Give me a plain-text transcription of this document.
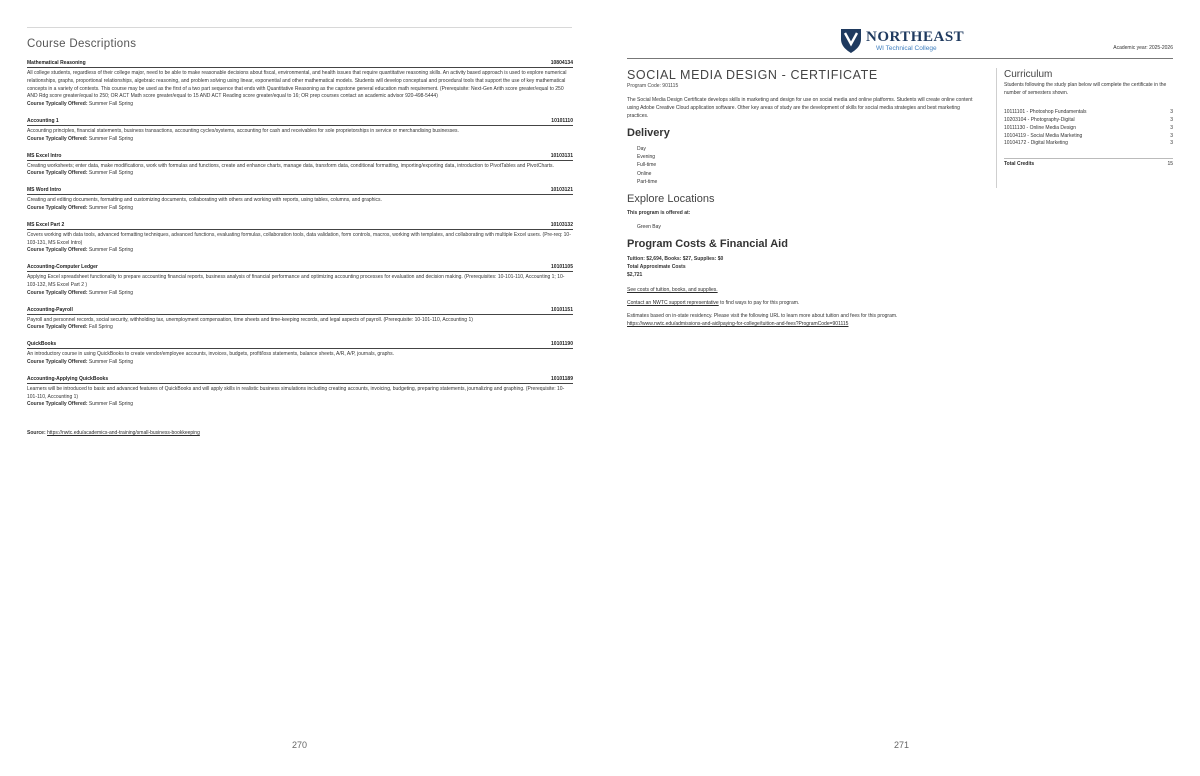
Course Descriptions
Mathematical Reasoning	10804134
All college students, regardless of their college major, need to be able to make reasonable decisions about fiscal, environmental, and health issues that require quantitative reasoning skills. An activity based approach is used to explore numerical relationships, graphs, proportional relationships, algebraic reasoning, and problem solving using linear, exponential and other mathematical models. Students will develop conceptual and procedural tools that support the use of key mathematical concepts in a variety of contexts. This course may be used as the first of a two part sequence that ends with Quantitative Reasoning as the capstone general education math requirement. (Prerequisite: Next-Gen Arith score greater/equal to 250 AND Rdg score greater/equal to 250; OR ACT Math score greater/equal to 15 AND ACT Reading score greater/equal to 16; OR prep courses contact an academic advisor 920-498-5444)
Course Typically Offered: Summer Fall Spring
Accounting 1	10101110
Accounting principles, financial statements, business transactions, accounting cycles/systems, accounting for cash and receivables for sole proprietorships in service or merchandising businesses.
Course Typically Offered: Summer Fall Spring
MS Excel Intro	10103131
Creating worksheets; enter data, make modifications, work with formulas and functions, create and enhance charts, manage data, transform data, conditional formatting, importing/exporting data, introduction to PivotTables and PivotCharts.
Course Typically Offered: Summer Fall Spring
MS Word Intro	10103121
Creating and editing documents, formatting and customizing documents, collaborating with others and working with reports, using tables, columns, and graphics.
Course Typically Offered: Summer Fall Spring
MS Excel Part 2	10103132
Covers working with data tools, advanced formatting techniques, advanced functions, evaluating formulas, collaboration tools, data validation, form controls, macros, working with templates, and collaborating with multiple Excel users. (Pre-req: 10-103-131, MS Excel Intro)
Course Typically Offered: Summer Fall Spring
Accounting-Computer Ledger	10101105
Applying Excel spreadsheet functionality to prepare accounting financial reports, business analysis of financial performance and optimizing accounting processes for evaluation and decision making. (Prerequisites: 10-101-110, Accounting 1; 10-103-132, MS Excel Part 2 )
Course Typically Offered: Summer Fall Spring
Accounting-Payroll	10101151
Payroll and personnel records, social security, withholding tax, unemployment compensation, time sheets and time-keeping records, and legal aspects of payroll. (Prerequisite: 10-101-110, Accounting 1)
Course Typically Offered: Fall Spring
QuickBooks	10101190
An introductory course in using QuickBooks to create vendor/employee accounts, invoices, budgets, profit/loss statements, balance sheets, A/R, A/P, journals, graphs.
Course Typically Offered: Summer Fall Spring
Accounting-Applying QuickBooks	10101189
Learners will be introduced to basic and advanced features of QuickBooks and will apply skills in realistic business simulations including creating accounts, invoicing, budgeting, preparing statements, journalizing and graphing. (Prerequisite: 10-101-110, Accounting 1)
Course Typically Offered: Summer Fall Spring
Source: https://nwtc.edu/academics-and-training/small-business-bookkeeping
270
NORTHEAST
WI Technical College	Academic year: 2025-2026
SOCIAL MEDIA DESIGN - CERTIFICATE
Program Code: 901115
The Social Media Design Certificate develops skills in marketing and design for use on social media and online platforms. Students will create online content using Adobe Creative Cloud application software. Other key areas of study are the development of skills for social media strategies and best marketing practices.
Delivery
Day
Evening
Full-time
Online
Part-time
Explore Locations
This program is offered at:
Green Bay
Program Costs & Financial Aid
Tuition: $2,694, Books: $27, Supplies: $0
Total Approximate Costs
$2,721
See costs of tuition, books, and supplies.
Contact an NWTC support representative to find ways to pay for this program.
Estimates based on in-state residency. Please visit the following URL to learn more about tuition and fees for this program.
https://www.nwtc.edu/admissions-and-aid/paying-for-college/tuition-and-fees?ProgramCode=901115
Curriculum
Students following the study plan below will complete the certificate in the number of semesters shown.
10111101 - Photoshop Fundamentals	3
10203104 - Photography-Digital	3
10111130 - Online Media Design	3
10104119 - Social Media Marketing	3
10104172 - Digital Marketing	3
Total Credits	15
271
